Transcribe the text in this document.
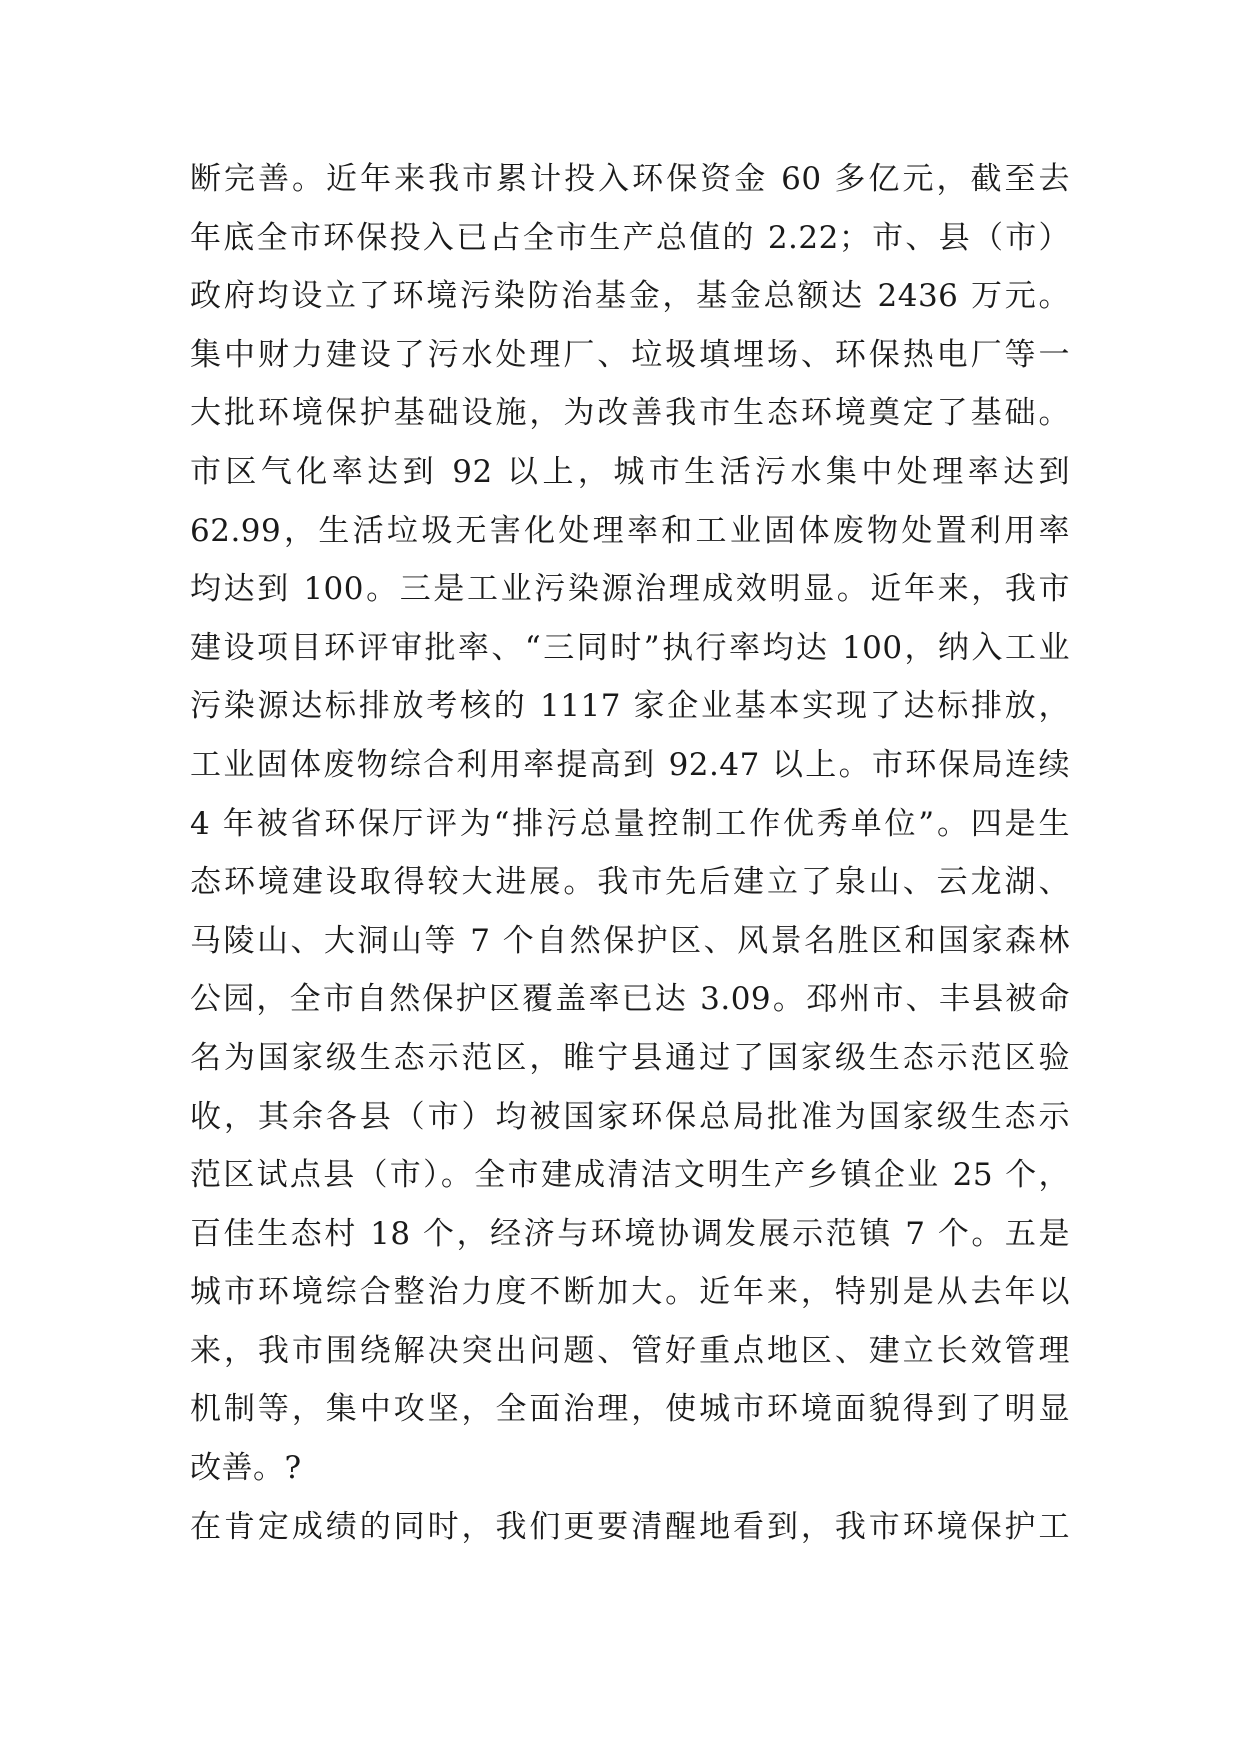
断完善。近年来我市累计投入环保资金 60 多亿元，截至去
年底全市环保投入已占全市生产总值的 2.22；市、县（市）
政府均设立了环境污染防治基金，基金总额达 2436 万元。
集中财力建设了污水处理厂、垃圾填埋场、环保热电厂等一
大批环境保护基础设施，为改善我市生态环境奠定了基础。
市区气化率达到 92 以上，城市生活污水集中处理率达到
62.99，生活垃圾无害化处理率和工业固体废物处置利用率
均达到 100。三是工业污染源治理成效明显。近年来，我市
建设项目环评审批率、“三同时”执行率均达 100，纳入工业
污染源达标排放考核的 1117 家企业基本实现了达标排放，
工业固体废物综合利用率提高到 92.47 以上。市环保局连续
4 年被省环保厅评为“排污总量控制工作优秀单位”。四是生
态环境建设取得较大进展。我市先后建立了泉山、云龙湖、
马陵山、大洞山等 7 个自然保护区、风景名胜区和国家森林
公园，全市自然保护区覆盖率已达 3.09。邳州市、丰县被命
名为国家级生态示范区，睢宁县通过了国家级生态示范区验
收，其余各县（市）均被国家环保总局批准为国家级生态示
范区试点县（市）。全市建成清洁文明生产乡镇企业 25 个，
百佳生态村 18 个，经济与环境协调发展示范镇 7 个。五是
城市环境综合整治力度不断加大。近年来，特别是从去年以
来，我市围绕解决突出问题、管好重点地区、建立长效管理
机制等，集中攻坚，全面治理，使城市环境面貌得到了明显
改善。?
在肯定成绩的同时，我们更要清醒地看到，我市环境保护工
